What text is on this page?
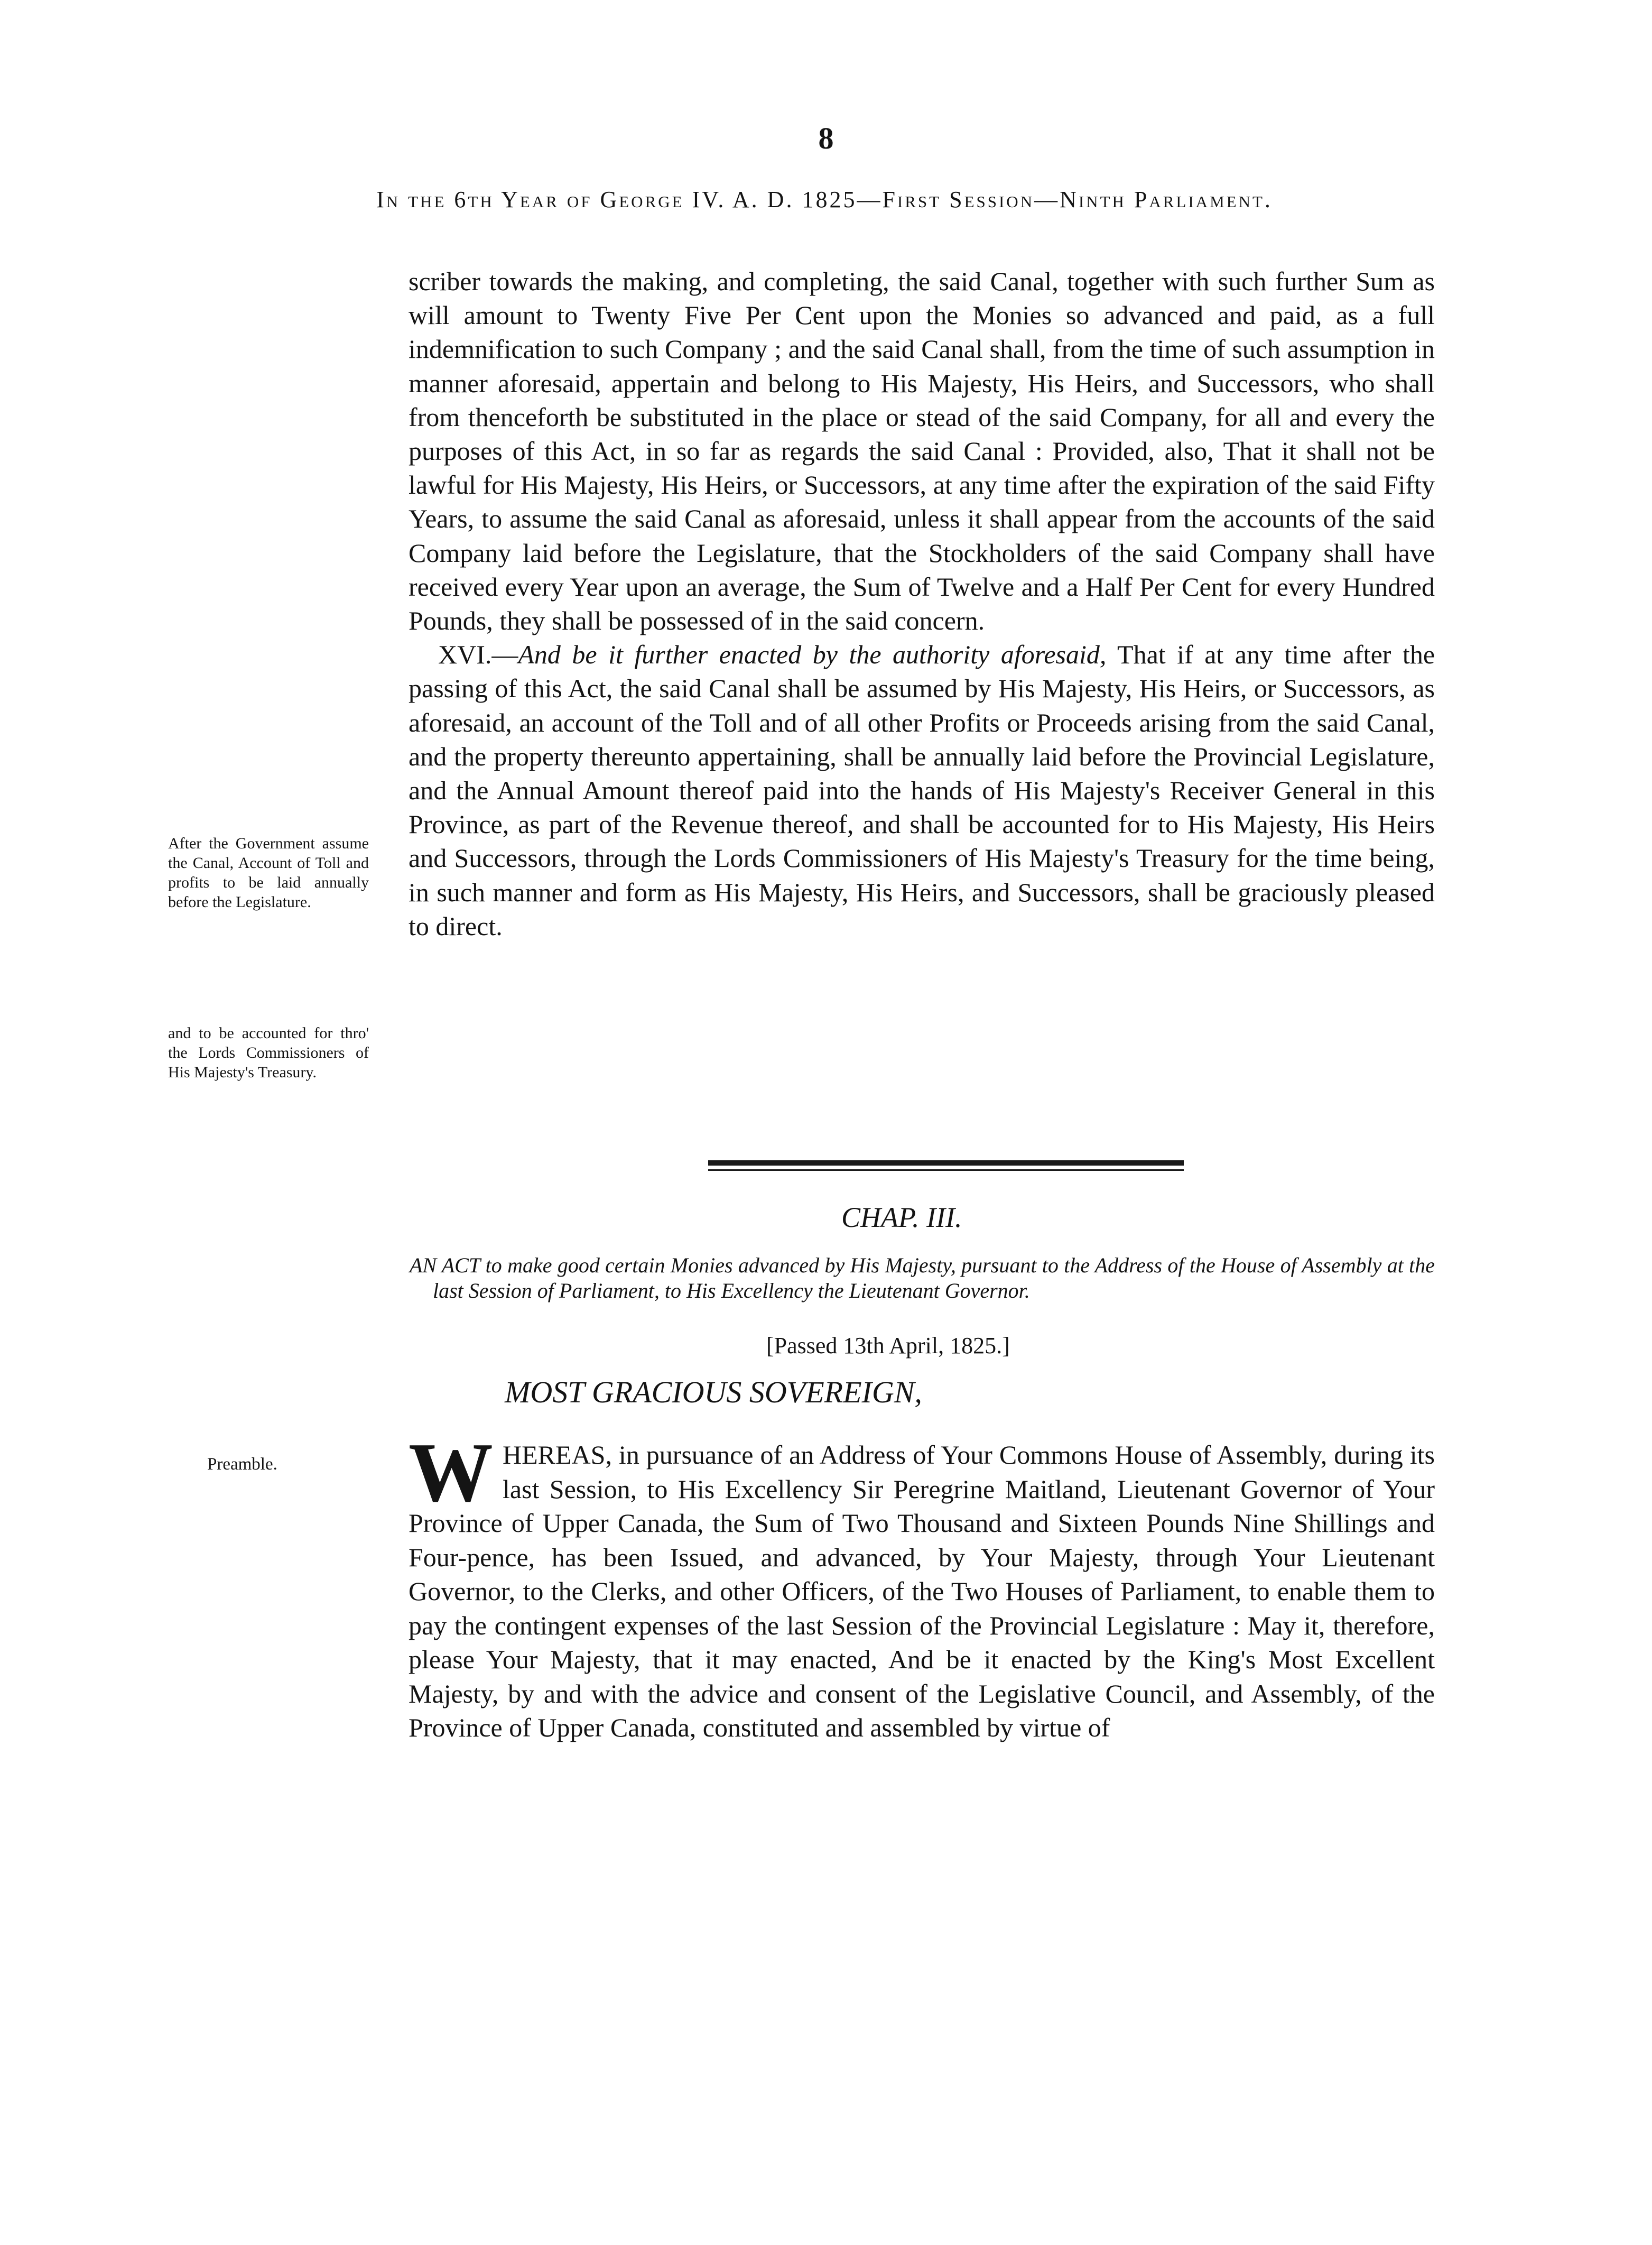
8
In the 6th Year of George IV. A. D. 1825—First Session—Ninth Parliament.

scriber towards the making, and completing, the said Canal, together with such further Sum as will amount to Twenty Five Per Cent upon the Monies so advanced and paid, as a full indemnification to such Company ; and the said Canal shall, from the time of such assumption in manner aforesaid, appertain and belong to His Majesty, His Heirs, and Successors, who shall from thenceforth be substituted in the place or stead of the said Company, for all and every the purposes of this Act, in so far as regards the said Canal : Provided, also, That it shall not be lawful for His Majesty, His Heirs, or Successors, at any time after the expiration of the said Fifty Years, to assume the said Canal as aforesaid, unless it shall appear from the accounts of the said Company laid before the Legislature, that the Stockholders of the said Company shall have received every Year upon an average, the Sum of Twelve and a Half Per Cent for every Hundred Pounds, they shall be possessed of in the said concern.

XVI.—And be it further enacted by the authority aforesaid, That if at any time after the passing of this Act, the said Canal shall be assumed by His Majesty, His Heirs, or Successors, as aforesaid, an account of the Toll and of all other Profits or Proceeds arising from the said Canal, and the property thereunto appertaining, shall be annually laid before the Provincial Legislature, and the Annual Amount thereof paid into the hands of His Majesty's Receiver General in this Province, as part of the Revenue thereof, and shall be accounted for to His Majesty, His Heirs and Successors, through the Lords Commissioners of His Majesty's Treasury for the time being, in such manner and form as His Majesty, His Heirs, and Successors, shall be graciously pleased to direct.

After the Government assume the Canal, Account of Toll and profits to be laid annually before the Legislature.
and to be accounted for thro' the Lords Commissioners of His Majesty's Treasury.
CHAP. III.
AN ACT to make good certain Monies advanced by His Majesty, pursuant to the Address of the House of Assembly at the last Session of Parliament, to His Excellency the Lieutenant Governor.
[Passed 13th April, 1825.]
MOST GRACIOUS SOVEREIGN,
Preamble. WHEREAS, in pursuance of an Address of Your Commons House of Assembly, during its last Session, to His Excellency Sir Peregrine Maitland, Lieutenant Governor of Your Province of Upper Canada, the Sum of Two Thousand and Sixteen Pounds Nine Shillings and Four-pence, has been Issued, and advanced, by Your Majesty, through Your Lieutenant Governor, to the Clerks, and other Officers, of the Two Houses of Parliament, to enable them to pay the contingent expenses of the last Session of the Provincial Legislature : May it, therefore, please Your Majesty, that it may enacted, And be it enacted by the King's Most Excellent Majesty, by and with the advice and consent of the Legislative Council, and Assembly, of the Province of Upper Canada, constituted and assembled by virtue of
